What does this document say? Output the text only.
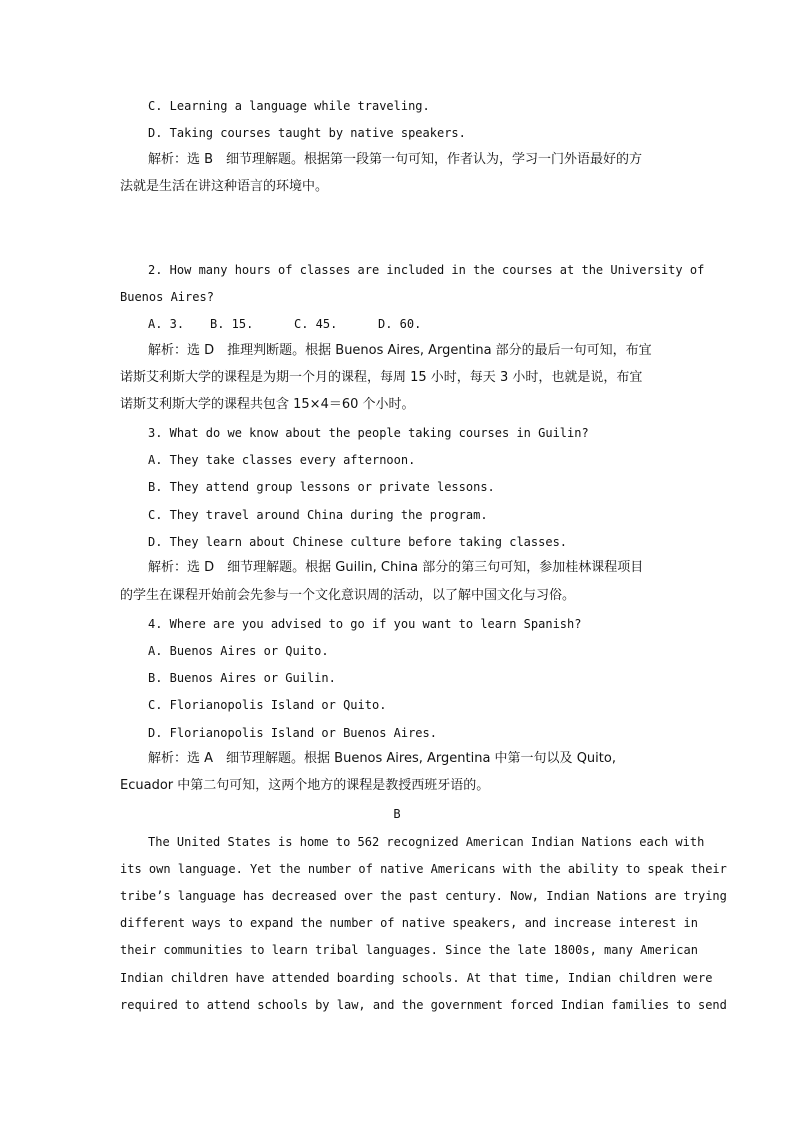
C. Learning a language while traveling.
D. Taking courses taught by native speakers.
解析：选 B　细节理解题。根据第一段第一句可知，作者认为，学习一门外语最好的方
法就是生活在讲这种语言的环境中。
2. How many hours of classes are included in the courses at the University of
Buenos Aires?
A. 3. B. 15.	C. 45.	D. 60.
解析：选 D　推理判断题。根据 Buenos Aires, Argentina 部分的最后一句可知，布宜
诺斯艾利斯大学的课程是为期一个月的课程，每周 15 小时，每天 3 小时，也就是说，布宜
诺斯艾利斯大学的课程共包含 15×4＝60 个小时。
3. What do we know about the people taking courses in Guilin?
A. They take classes every afternoon.
B. They attend group lessons or private lessons.
C. They travel around China during the program.
D. They learn about Chinese culture before taking classes.
解析：选 D　细节理解题。根据 Guilin, China 部分的第三句可知，参加桂林课程项目
的学生在课程开始前会先参与一个文化意识周的活动，以了解中国文化与习俗。
4. Where are you advised to go if you want to learn Spanish?
A. Buenos Aires or Quito.
B. Buenos Aires or Guilin.
C. Florianopolis Island or Quito.
D. Florianopolis Island or Buenos Aires.
解析：选 A　细节理解题。根据 Buenos Aires, Argentina 中第一句以及 Quito,
Ecuador 中第二句可知，这两个地方的课程是教授西班牙语的。
B
The United States is home to 562 recognized American Indian Nations each with
its own language. Yet the number of native Americans with the ability to speak their
tribe’s language has decreased over the past century. Now, Indian Nations are trying
different ways to expand the number of native speakers, and increase interest in
their communities to learn tribal languages. Since the late 1800s, many American
Indian children have attended boarding schools. At that time, Indian children were
required to attend schools by law, and the government forced Indian families to send
